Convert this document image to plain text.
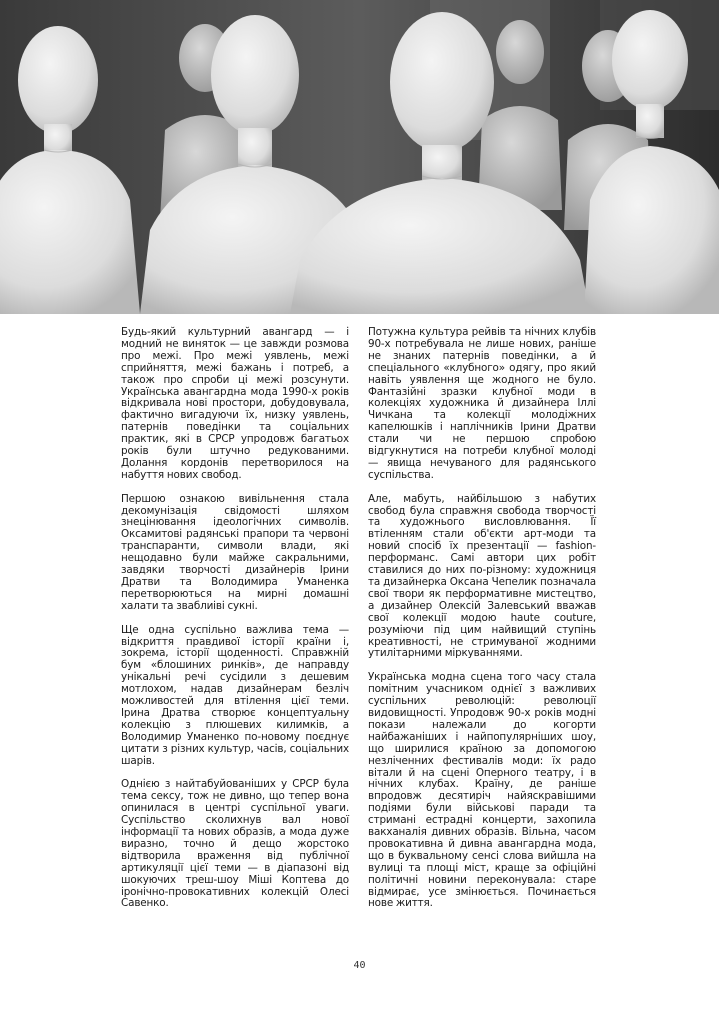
Будь-який культурний авангард — і модний не виняток — це завжди розмова про межі. Про межі уявлень, межі сприйняття, межі бажань і потреб, а також про спроби ці межі розсунути. Українська авангардна мода 1990-х років відкривала нові простори, добудовувала, фактично вигадуючи їх, низку уявлень, патернів поведінки та соціальних практик, які в СРСР упродовж багатьох років були штучно редукованими. Долання кордонів перетворилося на набуття нових свобод.

Першою ознакою вивільнення стала декомунізація свідомості шляхом знецінювання ідеологічних символів. Оксамитові радянські прапори та червоні транспаранти, символи влади, які нещодавно були майже сакральними, завдяки творчості дизайнерів Ірини Дратви та Володимира Уманенка перетворюються на мирні домашні халати та зваблиіві сукні.

Ще одна суспільно важлива тема — відкриття правдивої історії країни і, зокрема, історії щоденності. Справжній бум «блошиних ринків», де направду унікальні речі сусідили з дешевим мотлохом, надав дизайнерам безліч можливостей для втілення цієї теми. Ірина Дратва створює концептуальну колекцію з плюшевих килимків, а Володимир Уманенко по-новому поєднує цитати з різних культур, часів, соціальних шарів.

Однією з найтабуйованіших у СРСР була тема сексу, тож не дивно, що тепер вона опинилася в центрі суспільної уваги. Суспільство сколихнув вал нової інформації та нових образів, а мода дуже виразно, точно й дещо жорстоко відтворила враження від публічної артикуляції цієї теми — в діапазоні від шокуючих треш-шоу Міші Коптева до іронічно-провокативних колекцій Олесі Савенко.

Потужна культура рейвів та нічних клубів 90-х потребувала не лише нових, раніше не знаних патернів поведінки, а й спеціального «клубного» одягу, про який навіть уявлення ще жодного не було. Фантазійні зразки клубної моди в колекціях художника й дизайнера Іллі Чичкана та колекції молодіжних капелюшків і наплічників Ірини Дратви стали чи не першою спробою відгукнутися на потреби клубної молоді — явища нечуваного для радянського суспільства.

Але, мабуть, найбільшою з набутих свобод була справжня свобода творчості та художнього висловлювання. Її втіленням стали об'єкти арт-моди та новий спосіб їх презентації — fashion-перформанс. Самі автори цих робіт ставилися до них по-різному: художниця та дизайнерка Оксана Чепелик позначала свої твори як перформативне мистецтво, а дизайнер Олексій Залевський вважав свої колекції модою haute couture, розуміючи під цим найвищий ступінь креативності, не стримуваної жодними утилітарними міркуваннями.

Українська модна сцена того часу стала помітним учасником однієї з важливих суспільних революцій: революції видовищності. Упродовж 90-х років модні покази належали до когорти найбажаніших і найпопулярніших шоу, що ширилися країною за допомогою незліченних фестивалів моди: їх радо вітали й на сцені Оперного театру, і в нічних клубах. Країну, де раніше впродовж десятиріч найяскравішими подіями були військові паради та стримані естрадні концерти, захопила вакханалія дивних образів. Вільна, часом провокативна й дивна авангардна мода, що в буквальному сенсі слова вийшла на вулиці та площі міст, краще за офіційні політичні новини переконувала: старе відмирає, усе змінюється. Починається нове життя.

40
